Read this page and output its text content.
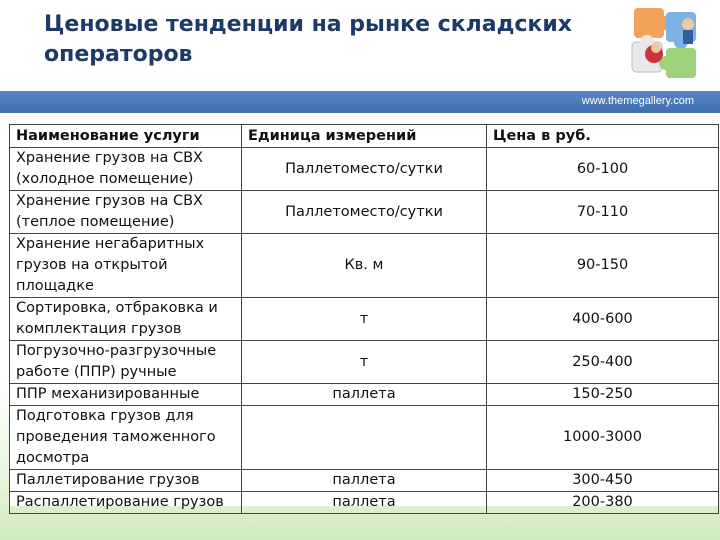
Ценовые тенденции на рынке складских операторов
www.themegallery.com
Наименование услуги	Единица измерений	Цена в руб.
Хранение грузов на СВХ (холодное помещение)	Паллетоместо/сутки	60-100
Хранение грузов на СВХ (теплое помещение)	Паллетоместо/сутки	70-110
Хранение негабаритных грузов на открытой площадке	Кв. м	90-150
Сортировка, отбраковка и комплектация грузов	т	400-600
Погрузочно-разгрузочные работе (ППР) ручные	т	250-400
ППР механизированные	паллета	150-250
Подготовка грузов для проведения таможенного досмотра		1000-3000
Паллетирование грузов	паллета	300-450
Распаллетирование грузов	паллета	200-380
